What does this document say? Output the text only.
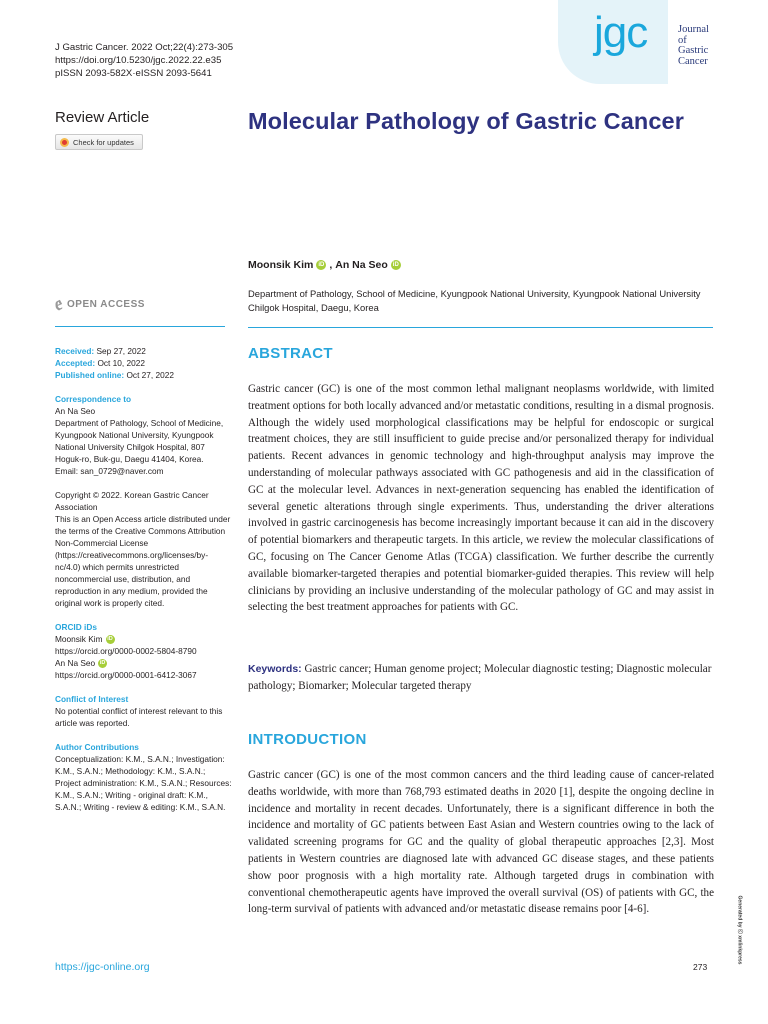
J Gastric Cancer. 2022 Oct;22(4):273-305
https://doi.org/10.5230/jgc.2022.22.e35
pISSN 2093-582X·eISSN 2093-5641
jgc	Journal
of
Gastric
Cancer
Review Article
Check for updates
Molecular Pathology of Gastric Cancer
Moonsik Kim iD , An Na Seo iD
Department of Pathology, School of Medicine, Kyungpook National University, Kyungpook National University Chilgok Hospital, Daegu, Korea
𝔢 OPEN ACCESS
Received: Sep 27, 2022
Accepted: Oct 10, 2022
Published online: Oct 27, 2022
Correspondence to
An Na Seo
Department of Pathology, School of Medicine, Kyungpook National University, Kyungpook National University Chilgok Hospital, 807 Hoguk-ro, Buk-gu, Daegu 41404, Korea.
Email: san_0729@naver.com
Copyright © 2022. Korean Gastric Cancer Association
This is an Open Access article distributed under the terms of the Creative Commons Attribution Non-Commercial License (https://creativecommons.org/licenses/by-nc/4.0) which permits unrestricted noncommercial use, distribution, and reproduction in any medium, provided the original work is properly cited.
ORCID iDs
Moonsik Kim iD
https://orcid.org/0000-0002-5804-8790
An Na Seo iD
https://orcid.org/0000-0001-6412-3067
Conflict of Interest
No potential conflict of interest relevant to this article was reported.
Author Contributions
Conceptualization: K.M., S.A.N.; Investigation: K.M., S.A.N.; Methodology: K.M., S.A.N.; Project administration: K.M., S.A.N.; Resources: K.M., S.A.N.; Writing - original draft: K.M., S.A.N.; Writing - review & editing: K.M., S.A.N.
ABSTRACT
Gastric cancer (GC) is one of the most common lethal malignant neoplasms worldwide, with limited treatment options for both locally advanced and/or metastatic conditions, resulting in a dismal prognosis. Although the widely used morphological classifications may be helpful for endoscopic or surgical treatment choices, they are still insufficient to guide precise and/or personalized therapy for individual patients. Recent advances in genomic technology and high-throughput analysis may improve the understanding of molecular pathways associated with GC pathogenesis and aid in the classification of GC at the molecular level. Advances in next-generation sequencing has enabled the identification of several genetic alterations through single experiments. Thus, understanding the driver alterations involved in gastric carcinogenesis has become increasingly important because it can aid in the discovery of potential biomarkers and therapeutic targets. In this article, we review the molecular classifications of GC, focusing on The Cancer Genome Atlas (TCGA) classification. We further describe the currently available biomarker-targeted therapies and potential biomarker-guided therapies. This review will help clinicians by providing an inclusive understanding of the molecular pathology of GC and may assist in selecting the best treatment approaches for patients with GC.
Keywords: Gastric cancer; Human genome project; Molecular diagnostic testing; Diagnostic molecular pathology; Biomarker; Molecular targeted therapy
INTRODUCTION
Gastric cancer (GC) is one of the most common cancers and the third leading cause of cancer-related deaths worldwide, with more than 768,793 estimated deaths in 2020 [1], despite the ongoing decline in incidence and mortality in recent decades. Unfortunately, there is a significant difference in both the incidence and mortality of GC patients between East Asian and Western countries owing to the lack of validated screening programs for GC and the quality of global therapeutic approaches [2,3]. Most patients in Western countries are diagnosed late with advanced GC disease stages, and these patients show poor prognosis with a high mortality rate. Although targeted drugs in combination with conventional chemotherapeutic agents have improved the overall survival (OS) of patients with GC, the long-term survival of patients with advanced and/or metastatic disease remains poor [4-6].
https://jgc-online.org	273
Generated by ⓒ xmlinkpress
